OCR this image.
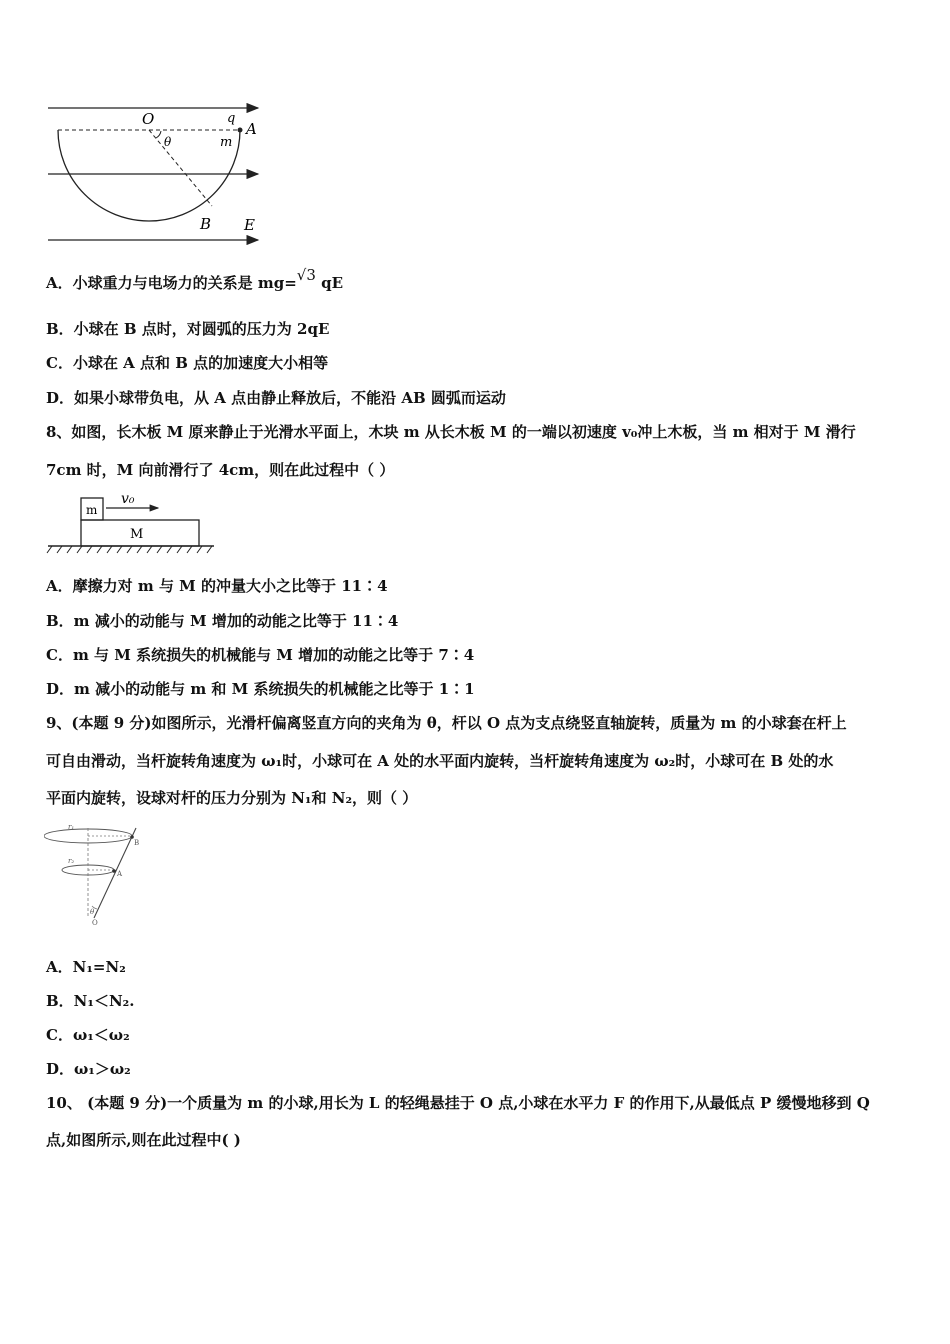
O	q
A
m
θ
B E
A．小球重力与电场力的关系是 mg=√3 qE
B．小球在 B 点时，对圆弧的压力为 2qE
C．小球在 A 点和 B 点的加速度大小相等
D．如果小球带负电，从 A 点由静止释放后，不能沿 AB 圆弧而运动
8、如图，长木板 M 原来静止于光滑水平面上，木块 m 从长木板 M 的一端以初速度 v₀冲上木板，当 m 相对于 M 滑行
7cm 时，M 向前滑行了 4cm，则在此过程中（ ）
m
v₀
M
A．摩擦力对 m 与 M 的冲量大小之比等于 11∶4
B．m 减小的动能与 M 增加的动能之比等于 11∶4
C．m 与 M 系统损失的机械能与 M 增加的动能之比等于 7∶4
D．m 减小的动能与 m 和 M 系统损失的机械能之比等于 1∶1
9、(本题 9 分)如图所示，光滑杆偏离竖直方向的夹角为 θ，杆以 O 点为支点绕竖直轴旋转，质量为 m 的小球套在杆上
可自由滑动，当杆旋转角速度为 ω₁时，小球可在 A 处的水平面内旋转，当杆旋转角速度为 ω₂时，小球可在 B 处的水
平面内旋转，设球对杆的压力分别为 N₁和 N₂，则（ ）
r₁
r₂
B
A
θ
O
A．N₁=N₂
B．N₁＜N₂.
C．ω₁＜ω₂
D．ω₁＞ω₂
10、 (本题 9 分)一个质量为 m 的小球,用长为 L 的轻绳悬挂于 O 点,小球在水平力 F 的作用下,从最低点 P 缓慢地移到 Q
点,如图所示,则在此过程中( )
